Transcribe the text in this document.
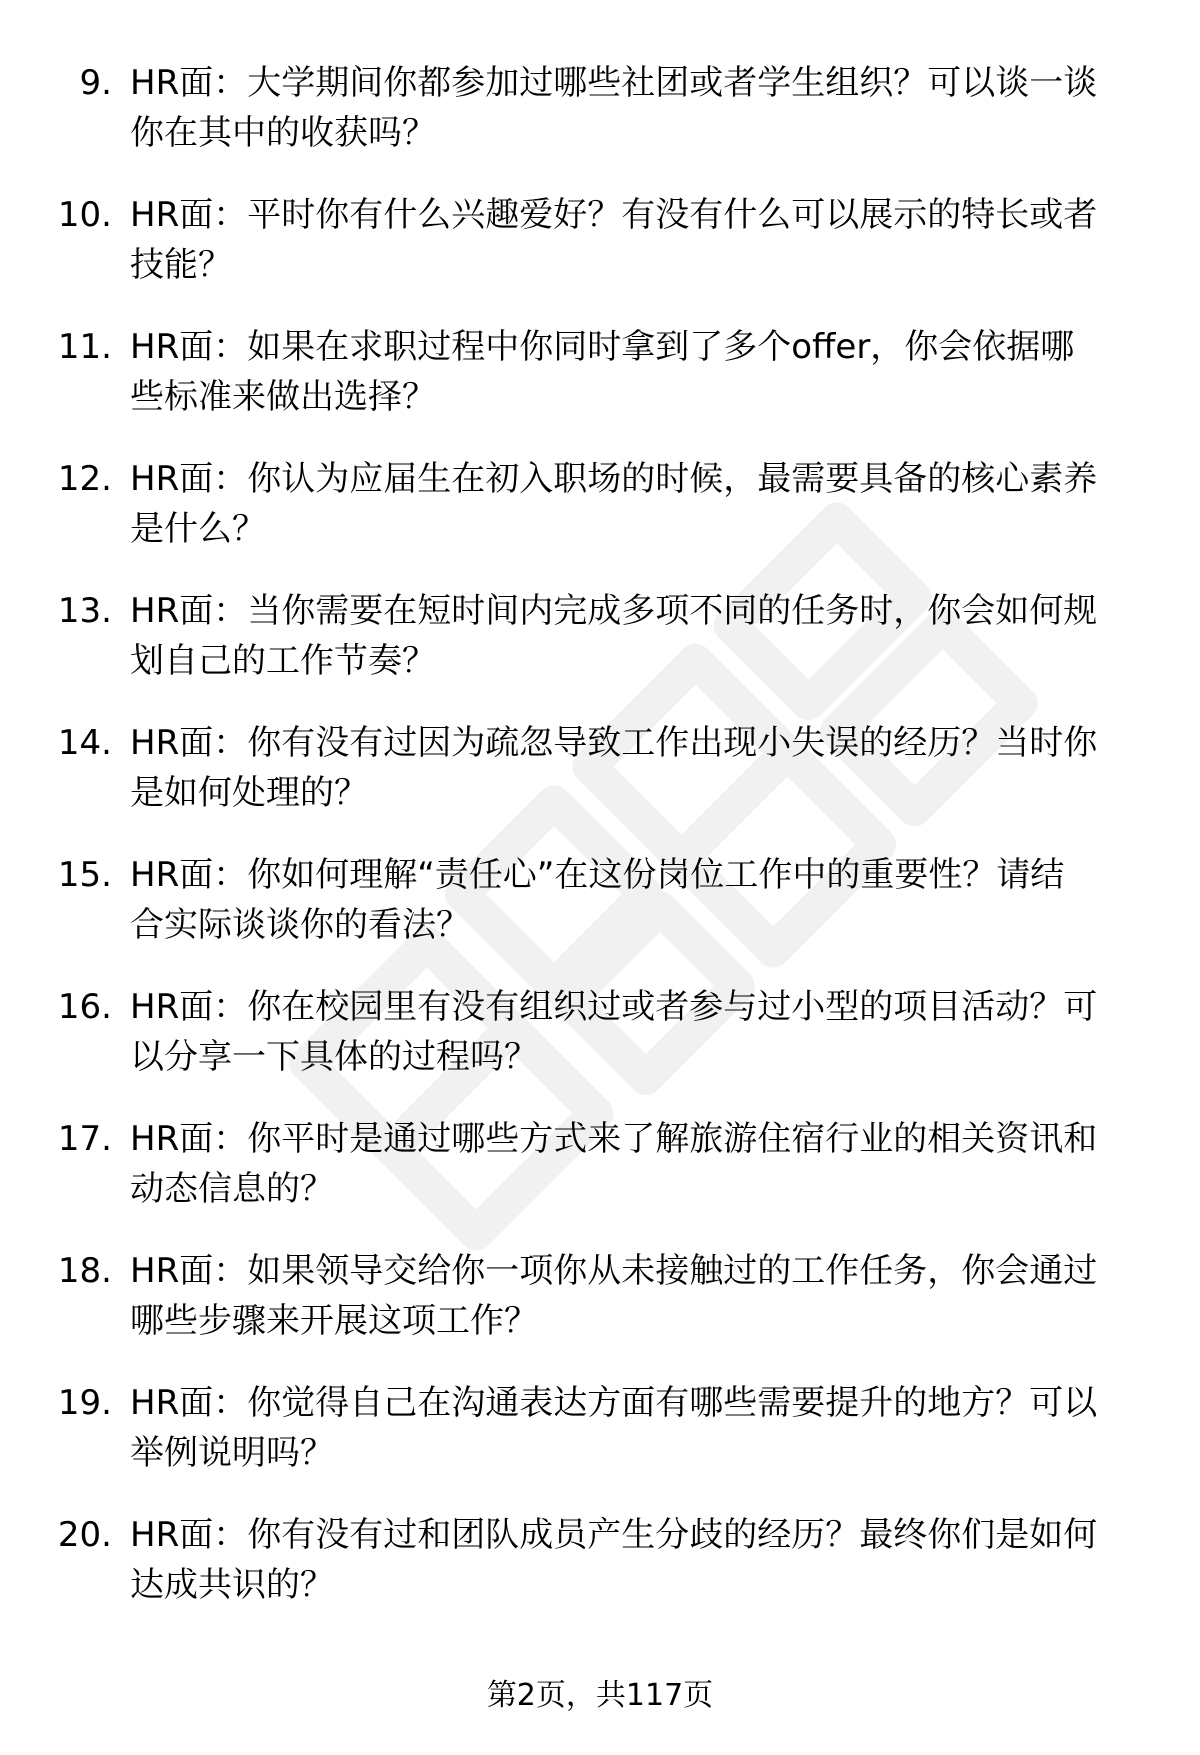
9. HR面：大学期间你都参加过哪些社团或者学生组织？可以谈一谈
你在其中的收获吗？
10. HR面：平时你有什么兴趣爱好？有没有什么可以展示的特长或者
技能？
11. HR面：如果在求职过程中你同时拿到了多个offer，你会依据哪
些标准来做出选择？
12. HR面：你认为应届生在初入职场的时候，最需要具备的核心素养
是什么？
13. HR面：当你需要在短时间内完成多项不同的任务时，你会如何规
划自己的工作节奏？
14. HR面：你有没有过因为疏忽导致工作出现小失误的经历？当时你
是如何处理的？
15. HR面：你如何理解“责任心”在这份岗位工作中的重要性？请结
合实际谈谈你的看法？
16. HR面：你在校园里有没有组织过或者参与过小型的项目活动？可
以分享一下具体的过程吗？
17. HR面：你平时是通过哪些方式来了解旅游住宿行业的相关资讯和
动态信息的？
18. HR面：如果领导交给你一项你从未接触过的工作任务，你会通过
哪些步骤来开展这项工作？
19. HR面：你觉得自己在沟通表达方面有哪些需要提升的地方？可以
举例说明吗？
20. HR面：你有没有过和团队成员产生分歧的经历？最终你们是如何
达成共识的？
第2页，共117页
